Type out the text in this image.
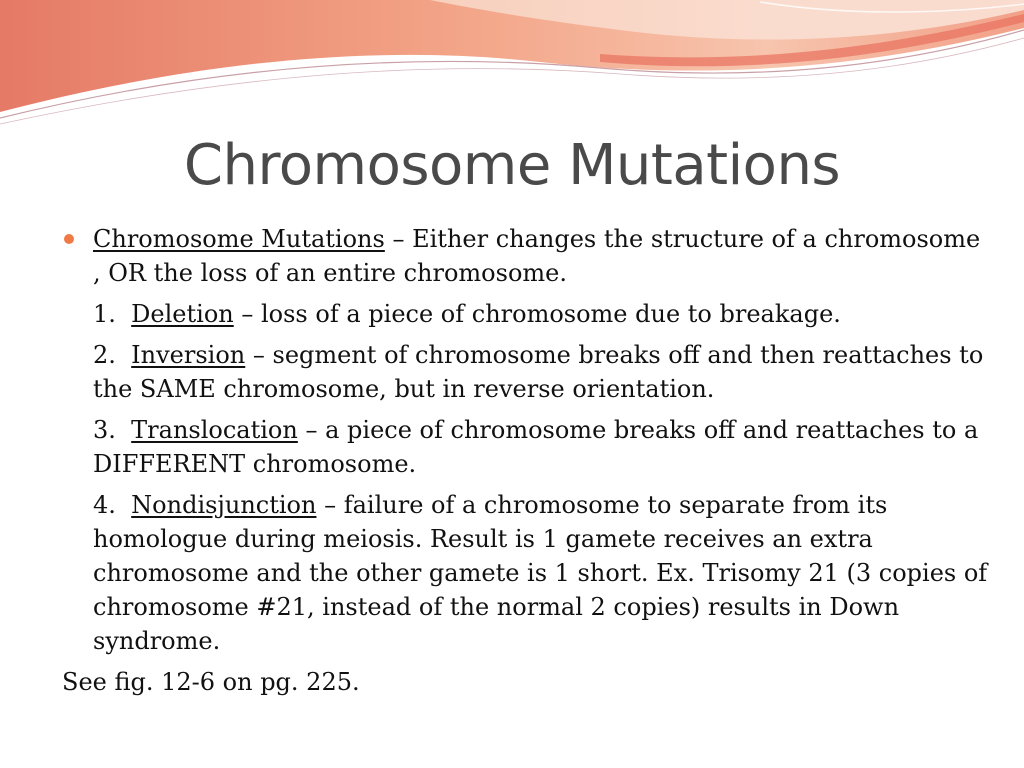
Chromosome Mutations
Chromosome Mutations – Either changes the structure of a chromosome , OR the loss of an entire chromosome.
1. Deletion – loss of a piece of chromosome due to breakage.
2. Inversion – segment of chromosome breaks off and then reattaches to the SAME chromosome, but in reverse orientation.
3. Translocation – a piece of chromosome breaks off and reattaches to a DIFFERENT chromosome.
4. Nondisjunction – failure of a chromosome to separate from its homologue during meiosis. Result is 1 gamete receives an extra chromosome and the other gamete is 1 short. Ex. Trisomy 21 (3 copies of chromosome #21, instead of the normal 2 copies) results in Down syndrome.
See fig. 12-6 on pg. 225.
